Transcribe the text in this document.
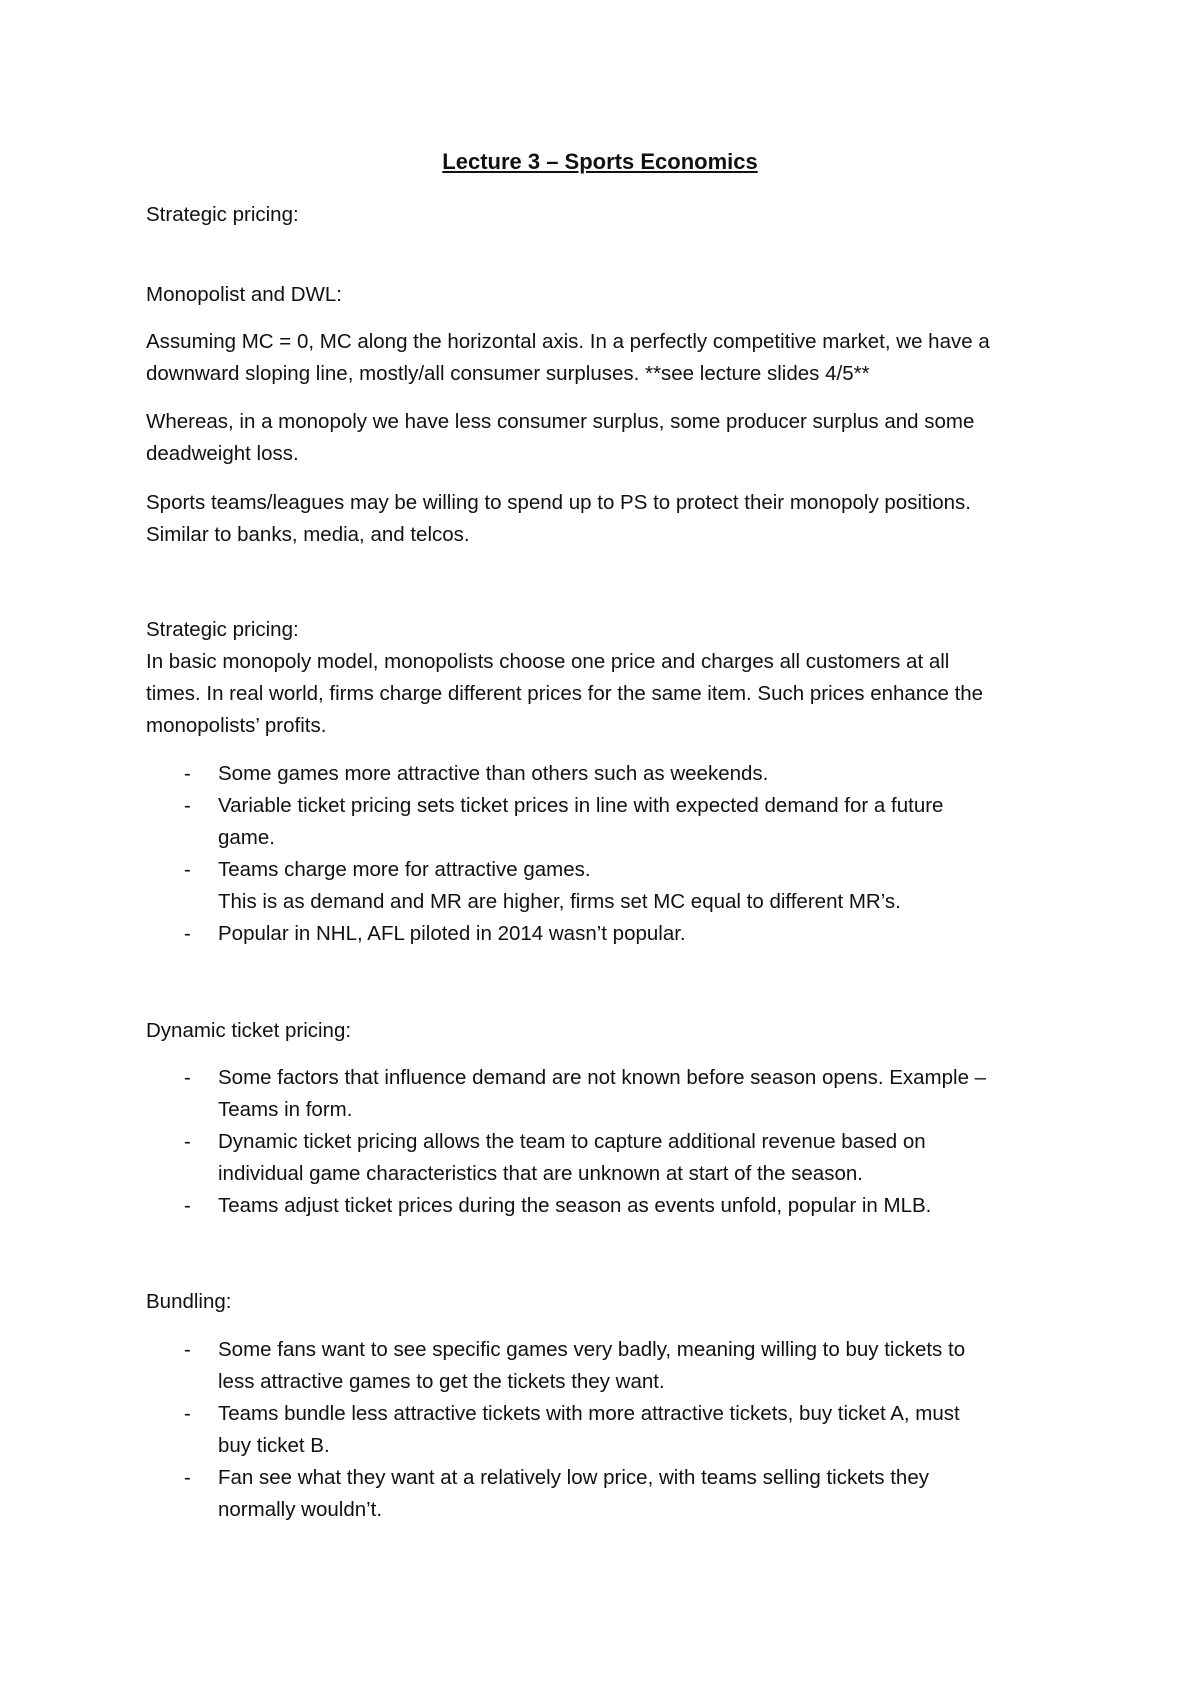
Lecture 3 – Sports Economics
Strategic pricing:
Monopolist and DWL:
Assuming MC = 0, MC along the horizontal axis. In a perfectly competitive market, we have a
downward sloping line, mostly/all consumer surpluses. **see lecture slides 4/5**
Whereas, in a monopoly we have less consumer surplus, some producer surplus and some
deadweight loss.
Sports teams/leagues may be willing to spend up to PS to protect their monopoly positions.
Similar to banks, media, and telcos.
Strategic pricing:
In basic monopoly model, monopolists choose one price and charges all customers at all
times. In real world, firms charge different prices for the same item. Such prices enhance the
monopolists’ profits.
- Some games more attractive than others such as weekends.
- Variable ticket pricing sets ticket prices in line with expected demand for a future
game.
- Teams charge more for attractive games.
This is as demand and MR are higher, firms set MC equal to different MR’s.
- Popular in NHL, AFL piloted in 2014 wasn’t popular.
Dynamic ticket pricing:
- Some factors that influence demand are not known before season opens. Example –
Teams in form.
- Dynamic ticket pricing allows the team to capture additional revenue based on
individual game characteristics that are unknown at start of the season.
- Teams adjust ticket prices during the season as events unfold, popular in MLB.
Bundling:
- Some fans want to see specific games very badly, meaning willing to buy tickets to
less attractive games to get the tickets they want.
- Teams bundle less attractive tickets with more attractive tickets, buy ticket A, must
buy ticket B.
- Fan see what they want at a relatively low price, with teams selling tickets they
normally wouldn’t.
